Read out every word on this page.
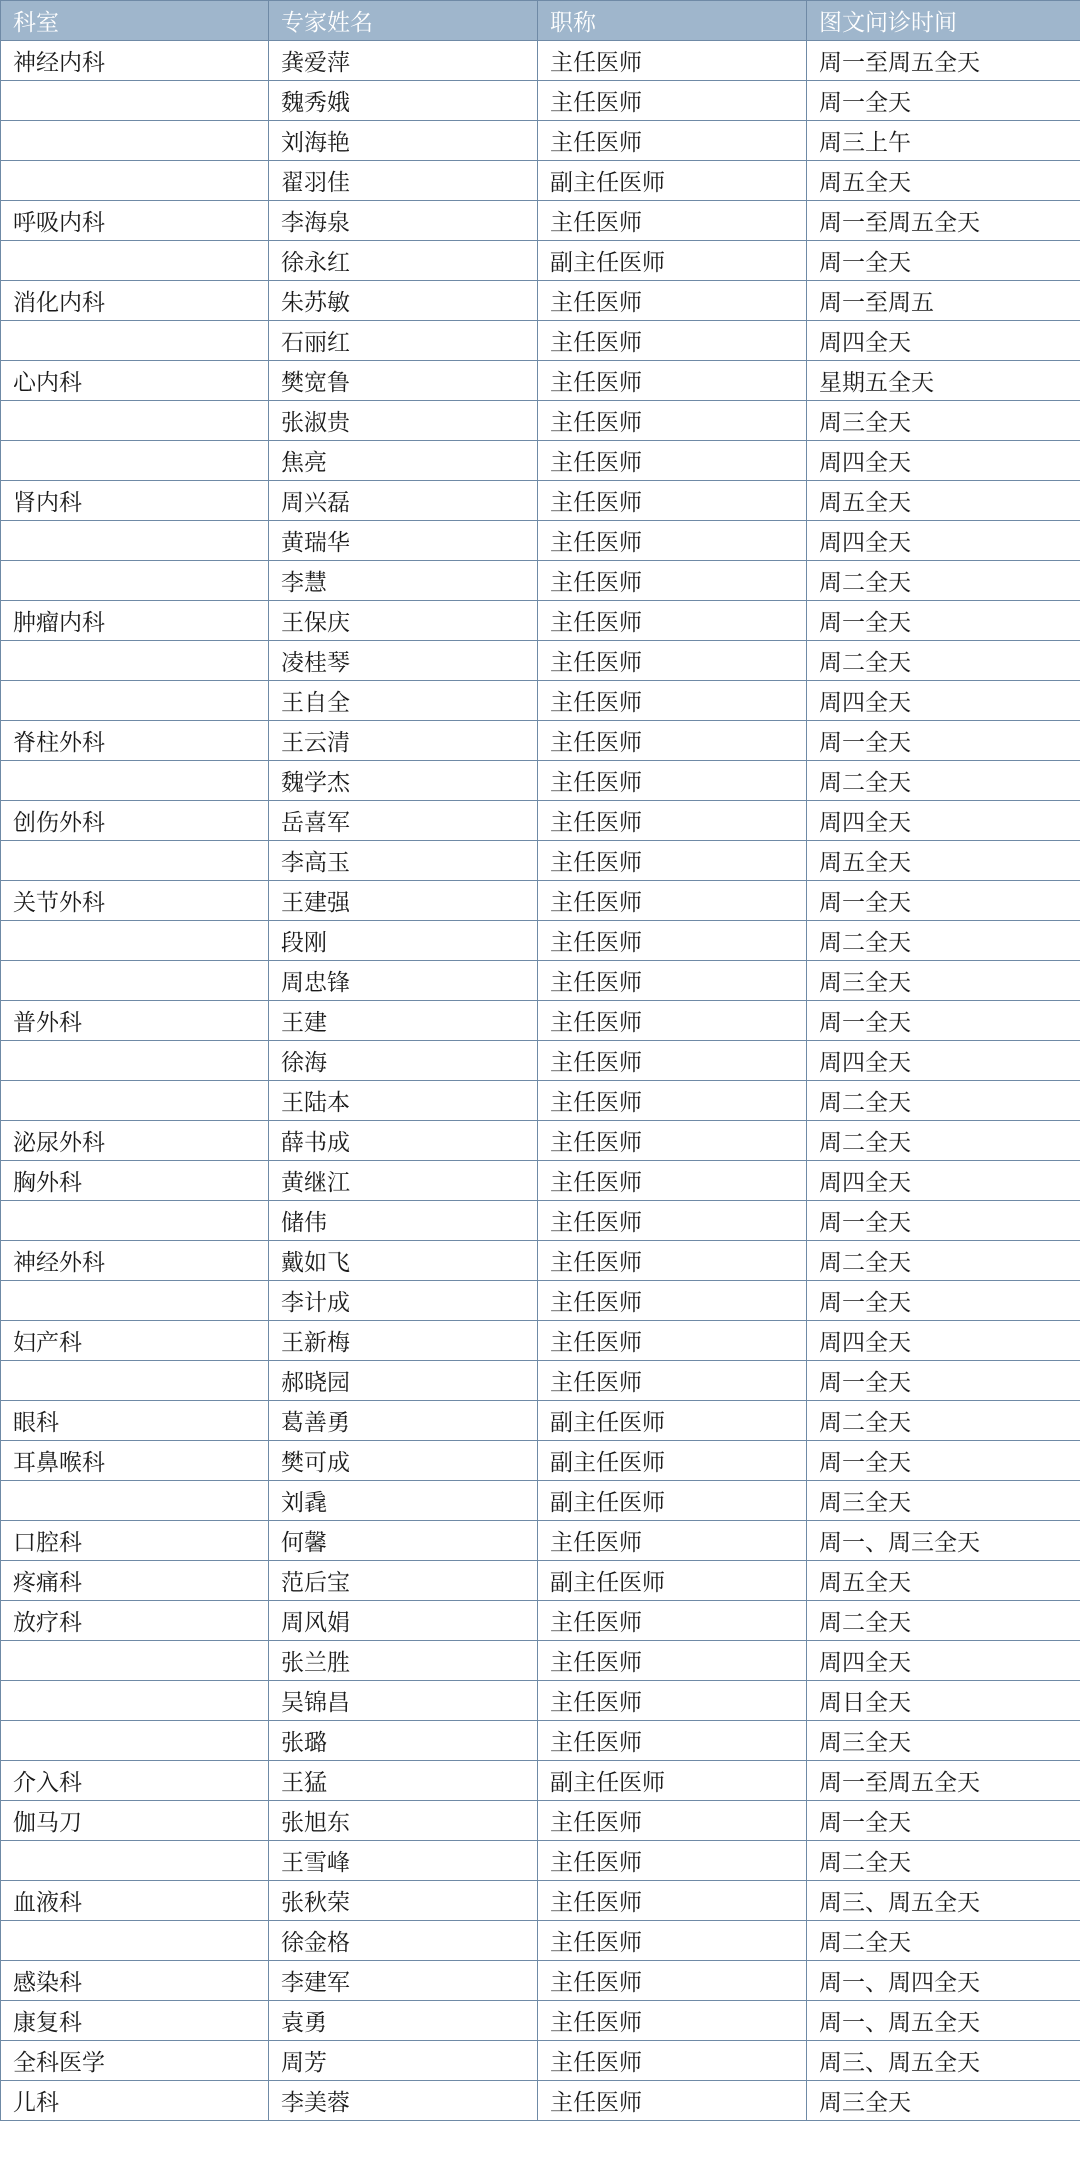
科室	专家姓名	职称	图文问诊时间
神经内科	龚爱萍	主任医师	周一至周五全天
	魏秀娥	主任医师	周一全天
	刘海艳	主任医师	周三上午
	翟羽佳	副主任医师	周五全天
呼吸内科	李海泉	主任医师	周一至周五全天
	徐永红	副主任医师	周一全天
消化内科	朱苏敏	主任医师	周一至周五
	石丽红	主任医师	周四全天
心内科	樊宽鲁	主任医师	星期五全天
	张淑贵	主任医师	周三全天
	焦亮	主任医师	周四全天
肾内科	周兴磊	主任医师	周五全天
	黄瑞华	主任医师	周四全天
	李慧	主任医师	周二全天
肿瘤内科	王保庆	主任医师	周一全天
	凌桂琴	主任医师	周二全天
	王自全	主任医师	周四全天
脊柱外科	王云清	主任医师	周一全天
	魏学杰	主任医师	周二全天
创伤外科	岳喜军	主任医师	周四全天
	李高玉	主任医师	周五全天
关节外科	王建强	主任医师	周一全天
	段刚	主任医师	周二全天
	周忠锋	主任医师	周三全天
普外科	王建	主任医师	周一全天
	徐海	主任医师	周四全天
	王陆本	主任医师	周二全天
泌尿外科	薛书成	主任医师	周二全天
胸外科	黄继江	主任医师	周四全天
	储伟	主任医师	周一全天
神经外科	戴如飞	主任医师	周二全天
	李计成	主任医师	周一全天
妇产科	王新梅	主任医师	周四全天
	郝晓园	主任医师	周一全天
眼科	葛善勇	副主任医师	周二全天
耳鼻喉科	樊可成	副主任医师	周一全天
	刘毳	副主任医师	周三全天
口腔科	何馨	主任医师	周一、周三全天
疼痛科	范后宝	副主任医师	周五全天
放疗科	周风娟	主任医师	周二全天
	张兰胜	主任医师	周四全天
	吴锦昌	主任医师	周日全天
	张璐	主任医师	周三全天
介入科	王猛	副主任医师	周一至周五全天
伽马刀	张旭东	主任医师	周一全天
	王雪峰	主任医师	周二全天
血液科	张秋荣	主任医师	周三、周五全天
	徐金格	主任医师	周二全天
感染科	李建军	主任医师	周一、周四全天
康复科	袁勇	主任医师	周一、周五全天
全科医学	周芳	主任医师	周三、周五全天
儿科	李美蓉	主任医师	周三全天
